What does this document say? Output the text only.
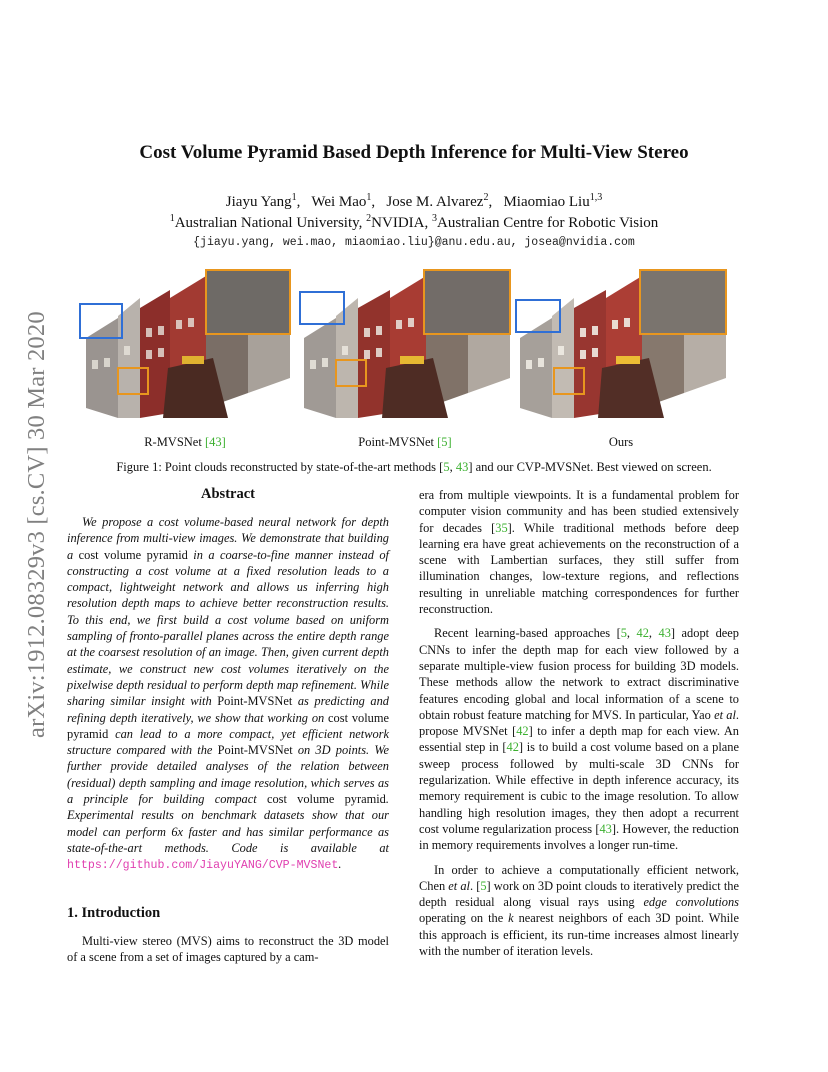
arXiv:1912.08329v3 [cs.CV] 30 Mar 2020
Cost Volume Pyramid Based Depth Inference for Multi-View Stereo
Jiayu Yang$^1$,   Wei Mao$^1$,   Jose M. Alvarez$^2$,   Miaomiao Liu$^{1,3}$
$^1$Australian National University, $^2$NVIDIA, $^3$Australian Centre for Robotic Vision
{jiayu.yang, wei.mao, miaomiao.liu}@anu.edu.au, josea@nvidia.com
R-MVSNet [43]	Point-MVSNet [5]	Ours
Figure 1: Point clouds reconstructed by state-of-the-art methods [5, 43] and our CVP-MVSNet. Best viewed on screen.
Abstract

We propose a cost volume-based neural network for depth inference from multi-view images. We demonstrate that building a cost volume pyramid in a coarse-to-fine manner instead of constructing a cost volume at a fixed resolution leads to a compact, lightweight network and allows us inferring high resolution depth maps to achieve better reconstruction results. To this end, we first build a cost volume based on uniform sampling of fronto-parallel planes across the entire depth range at the coarsest resolution of an image. Then, given current depth estimate, we construct new cost volumes iteratively on the pixelwise depth residual to perform depth map refinement. While sharing similar insight with Point-MVSNet as predicting and refining depth iteratively, we show that working on cost volume pyramid can lead to a more compact, yet efficient network structure compared with the Point-MVSNet on 3D points. We further provide detailed analyses of the relation between (residual) depth sampling and image resolution, which serves as a principle for building compact cost volume pyramid. Experimental results on benchmark datasets show that our model can perform 6x faster and has similar performance as state-of-the-art methods. Code is available at https://github.com/JiayuYANG/CVP-MVSNet.

1. Introduction

Multi-view stereo (MVS) aims to reconstruct the 3D model of a scene from a set of images captured by a cam-

era from multiple viewpoints. It is a fundamental problem for computer vision community and has been studied extensively for decades [35]. While traditional methods before deep learning era have great achievements on the reconstruction of a scene with Lambertian surfaces, they still suffer from illumination changes, low-texture regions, and reflections resulting in unreliable matching correspondences for further reconstruction.

Recent learning-based approaches [5, 42, 43] adopt deep CNNs to infer the depth map for each view followed by a separate multiple-view fusion process for building 3D models. These methods allow the network to extract discriminative features encoding global and local information of a scene to obtain robust feature matching for MVS. In particular, Yao et al. propose MVSNet [42] to infer a depth map for each view. An essential step in [42] is to build a cost volume based on a plane sweep process followed by multi-scale 3D CNNs for regularization. While effective in depth inference accuracy, its memory requirement is cubic to the image resolution. To allow handling high resolution images, they then adopt a recurrent cost volume regularization process [43]. However, the reduction in memory requirements involves a longer run-time.

In order to achieve a computationally efficient network, Chen et al. [5] work on 3D point clouds to iteratively predict the depth residual along visual rays using edge convolutions operating on the k nearest neighbors of each 3D point. While this approach is efficient, its run-time increases almost linearly with the number of iteration levels.
